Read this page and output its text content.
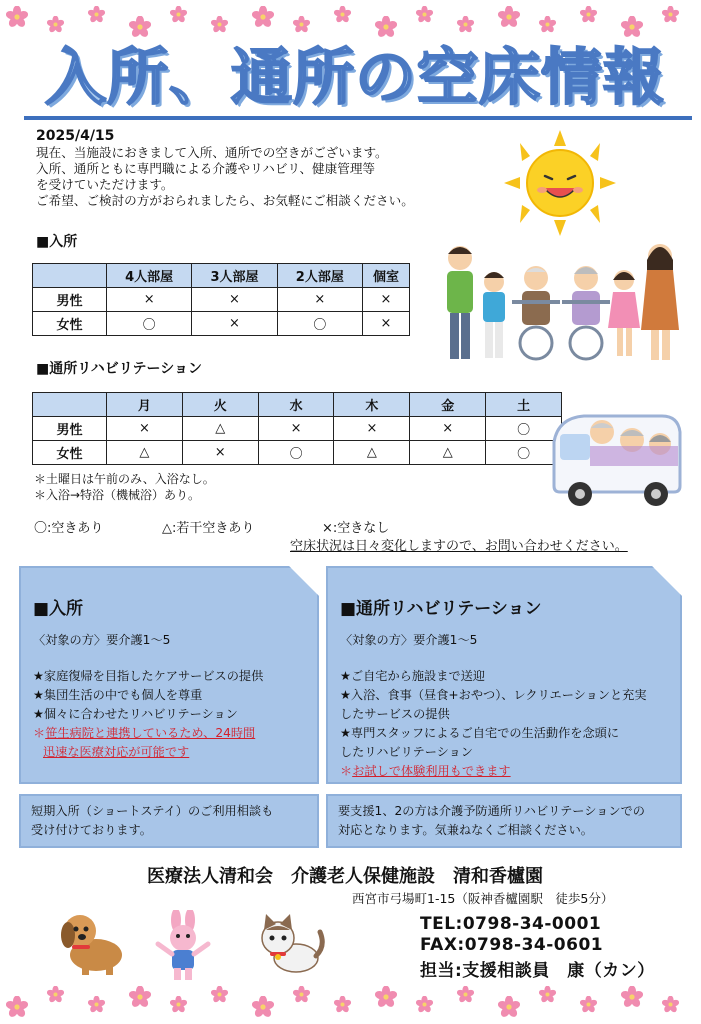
入所、通所の空床情報
2025/4/15
現在、当施設におきまして入所、通所での空きがございます。
入所、通所ともに専門職による介護やリハビリ、健康管理等
を受けていただけます。
ご希望、ご検討の方がおられましたら、お気軽にご相談ください。
■入所
	4人部屋	3人部屋	2人部屋	個室
男性	×	×	×	×
女性	〇	×	〇	×
■通所リハビリテーション
	月	火	水	木	金	土
男性	×	△	×	×	×	〇
女性	△	×	〇	△	△	〇
＊土曜日は午前のみ、入浴なし。
＊入浴→特浴（機械浴）あり。
〇:空きあり	△:若干空きあり	×:空きなし
空床状況は日々変化しますので、お問い合わせください。
■入所
〈対象の方〉要介護1～5
★家庭復帰を目指したケアサービスの提供
★集団生活の中でも個人を尊重
★個々に合わせたリハビリテーション
＊笹生病院と連携しているため、24時間
迅速な医療対応が可能です
■通所リハビリテーション
〈対象の方〉要介護1～5
★ご自宅から施設まで送迎
★入浴、食事（昼食+おやつ）、レクリエーションと充実
したサービスの提供
★専門スタッフによるご自宅での生活動作を念頭に
したリハビリテーション
＊お試しで体験利用もできます
短期入所（ショートステイ）のご利用相談も
受け付けております。
要支援1、2の方は介護予防通所リハビリテーションでの
対応となります。気兼ねなくご相談ください。
医療法人清和会　介護老人保健施設　清和香櫨園
西宮市弓場町1-15（阪神香櫨園駅　徒歩5分）
TEL:0798-34-0001
FAX:0798-34-0601
担当:支援相談員　康（カン）
